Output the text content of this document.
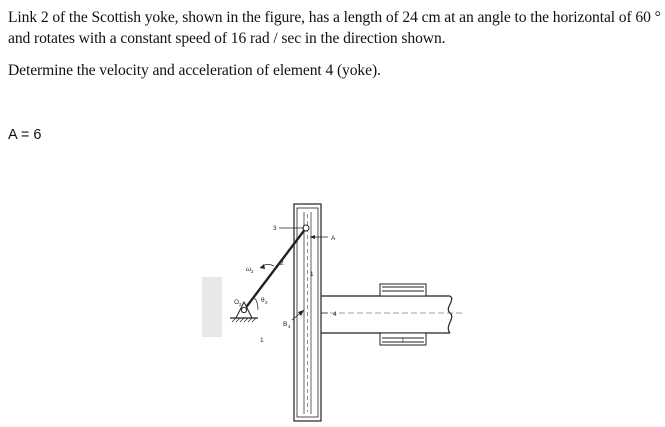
Link 2 of the Scottish yoke, shown in the figure, has a length of 24 cm at an angle to the horizontal of 60 ° and rotates with a constant speed of 16 rad / sec in the direction shown.

Determine the velocity and acceleration of element 4 (yoke).

A = 6

3
2
A
ω 2
O 2
θ 2
B 4
4
1	1
1
